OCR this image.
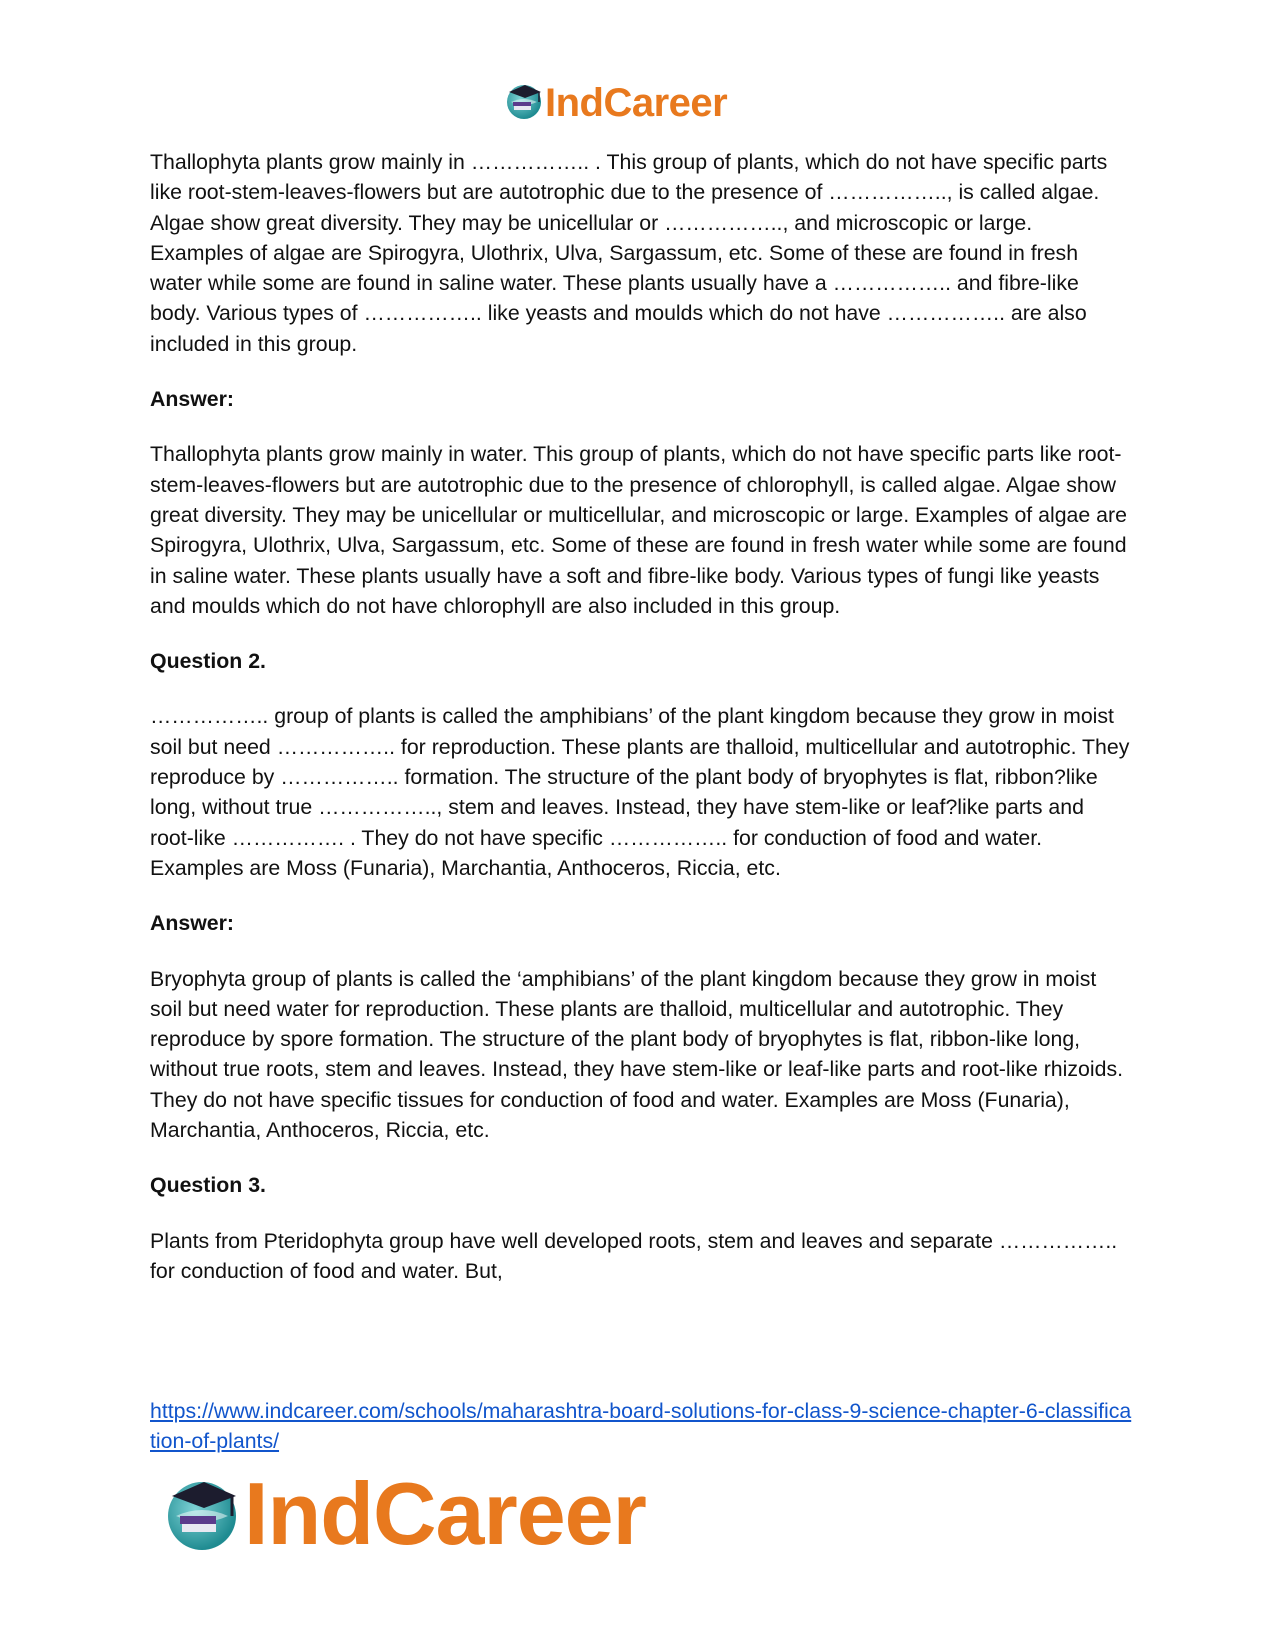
IndCareer

Thallophyta plants grow mainly in …………….. . This group of plants, which do not have specific parts like root-stem-leaves-flowers but are autotrophic due to the presence of …………….., is called algae. Algae show great diversity. They may be unicellular or …………….., and microscopic or large. Examples of algae are Spirogyra, Ulothrix, Ulva, Sargassum, etc. Some of these are found in fresh water while some are found in saline water. These plants usually have a …………….. and fibre-like body. Various types of …………….. like yeasts and moulds which do not have …………….. are also included in this group.

Answer:

Thallophyta plants grow mainly in water. This group of plants, which do not have specific parts like root-stem-leaves-flowers but are autotrophic due to the presence of chlorophyll, is called algae. Algae show great diversity. They may be unicellular or multicellular, and microscopic or large. Examples of algae are Spirogyra, Ulothrix, Ulva, Sargassum, etc. Some of these are found in fresh water while some are found in saline water. These plants usually have a soft and fibre-like body. Various types of fungi like yeasts and moulds which do not have chlorophyll are also included in this group.

Question 2.

…………….. group of plants is called the amphibians’ of the plant kingdom because they grow in moist soil but need …………….. for reproduction. These plants are thalloid, multicellular and autotrophic. They reproduce by …………….. formation. The structure of the plant body of bryophytes is flat, ribbon?like long, without true …………….., stem and leaves. Instead, they have stem-like or leaf?like parts and root-like ……………. . They do not have specific …………….. for conduction of food and water. Examples are Moss (Funaria), Marchantia, Anthoceros, Riccia, etc.

Answer:

Bryophyta group of plants is called the ‘amphibians’ of the plant kingdom because they grow in moist soil but need water for reproduction. These plants are thalloid, multicellular and autotrophic. They reproduce by spore formation. The structure of the plant body of bryophytes is flat, ribbon-like long, without true roots, stem and leaves. Instead, they have stem-like or leaf-like parts and root-like rhizoids. They do not have specific tissues for conduction of food and water. Examples are Moss (Funaria), Marchantia, Anthoceros, Riccia, etc.

Question 3.

Plants from Pteridophyta group have well developed roots, stem and leaves and separate …………….. for conduction of food and water. But,

https://www.indcareer.com/schools/maharashtra-board-solutions-for-class-9-science-chapter-6-classification-of-plants/
IndCareer
